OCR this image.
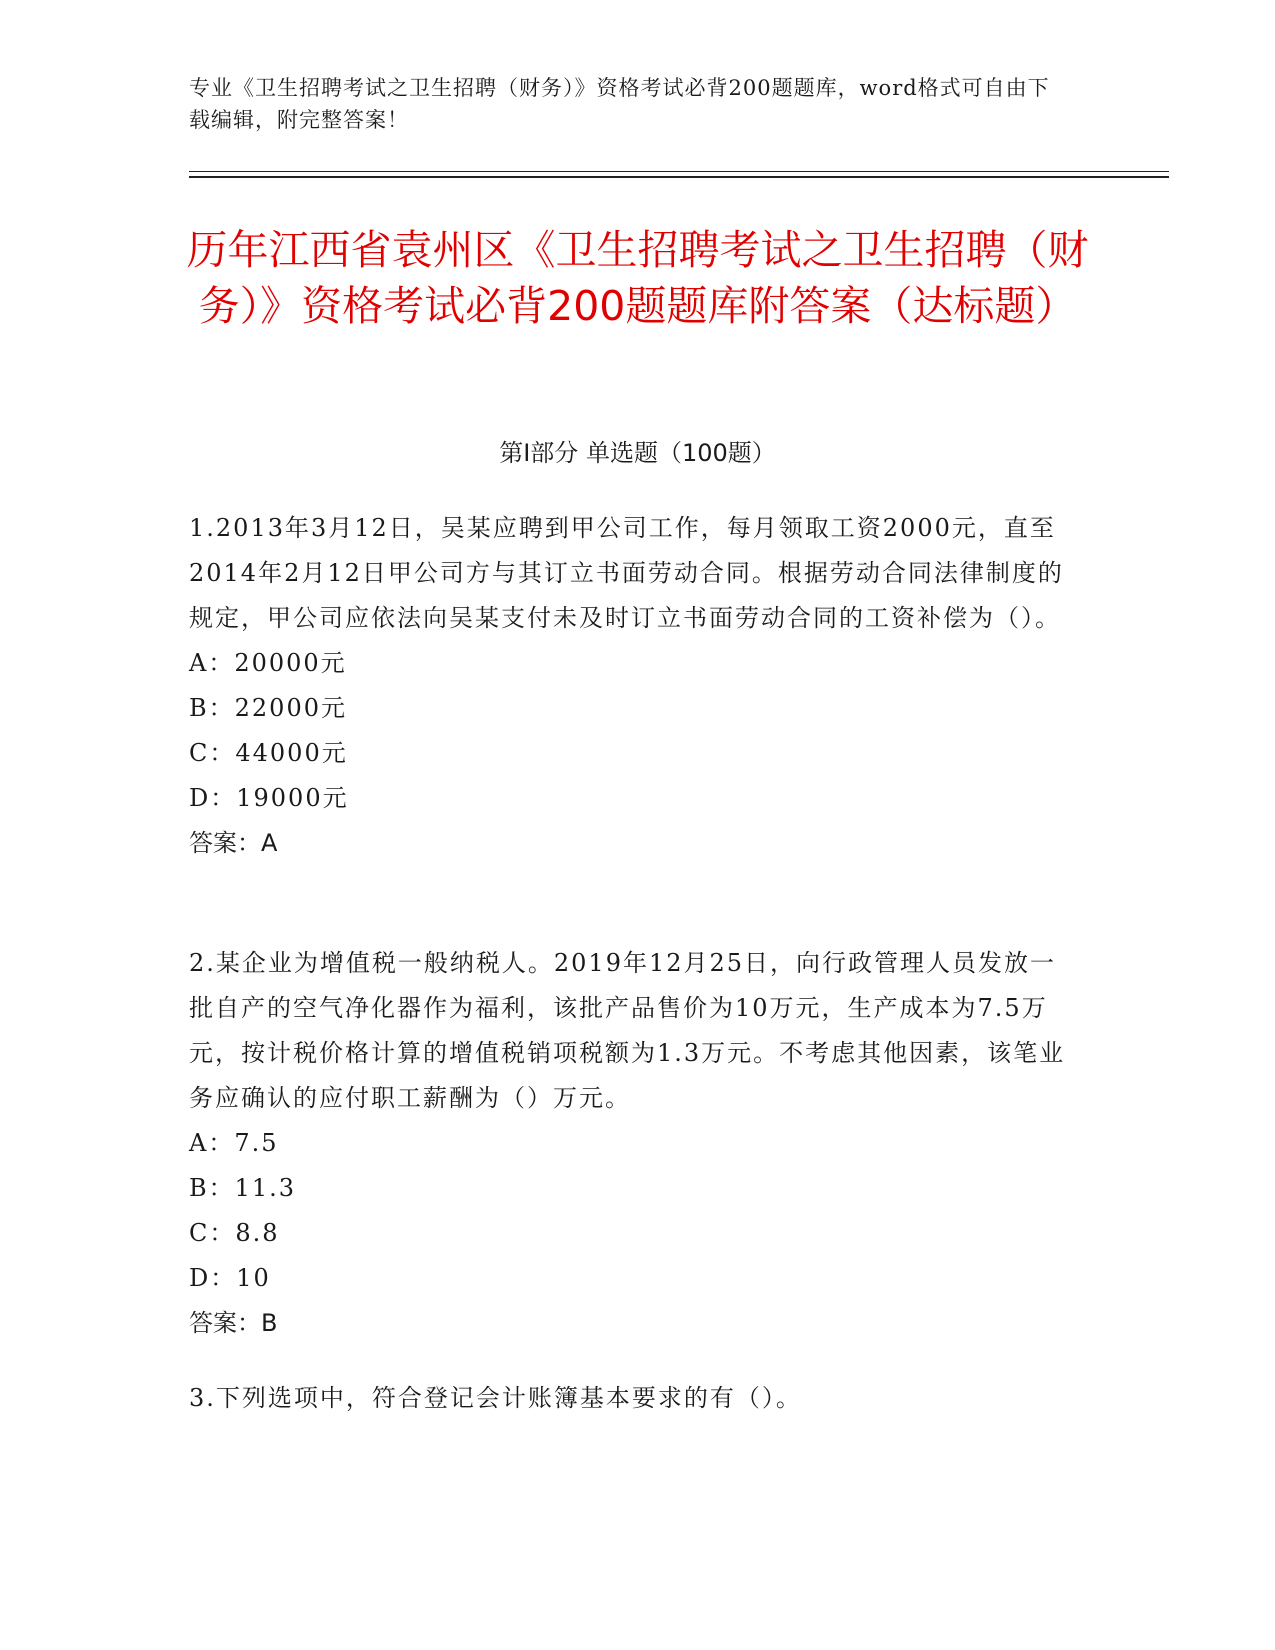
专业《卫生招聘考试之卫生招聘（财务）》资格考试必背200题题库，word格式可自由下载编辑，附完整答案！
历年江西省袁州区《卫生招聘考试之卫生招聘（财务）》资格考试必背200题题库附答案（达标题）
第Ⅰ部分 单选题（100题）

1.2013年3月12日，吴某应聘到甲公司工作，每月领取工资2000元，直至2014年2月12日甲公司方与其订立书面劳动合同。根据劳动合同法律制度的规定，甲公司应依法向吴某支付未及时订立书面劳动合同的工资补偿为（）。

A：20000元

B：22000元

C：44000元

D：19000元

答案：A

2.某企业为增值税一般纳税人。2019年12月25日，向行政管理人员发放一批自产的空气净化器作为福利，该批产品售价为10万元，生产成本为7.5万元，按计税价格计算的增值税销项税额为1.3万元。不考虑其他因素，该笔业务应确认的应付职工薪酬为（）万元。

A：7.5

B：11.3

C：8.8

D：10

答案：B

3.下列选项中，符合登记会计账簿基本要求的有（）。
